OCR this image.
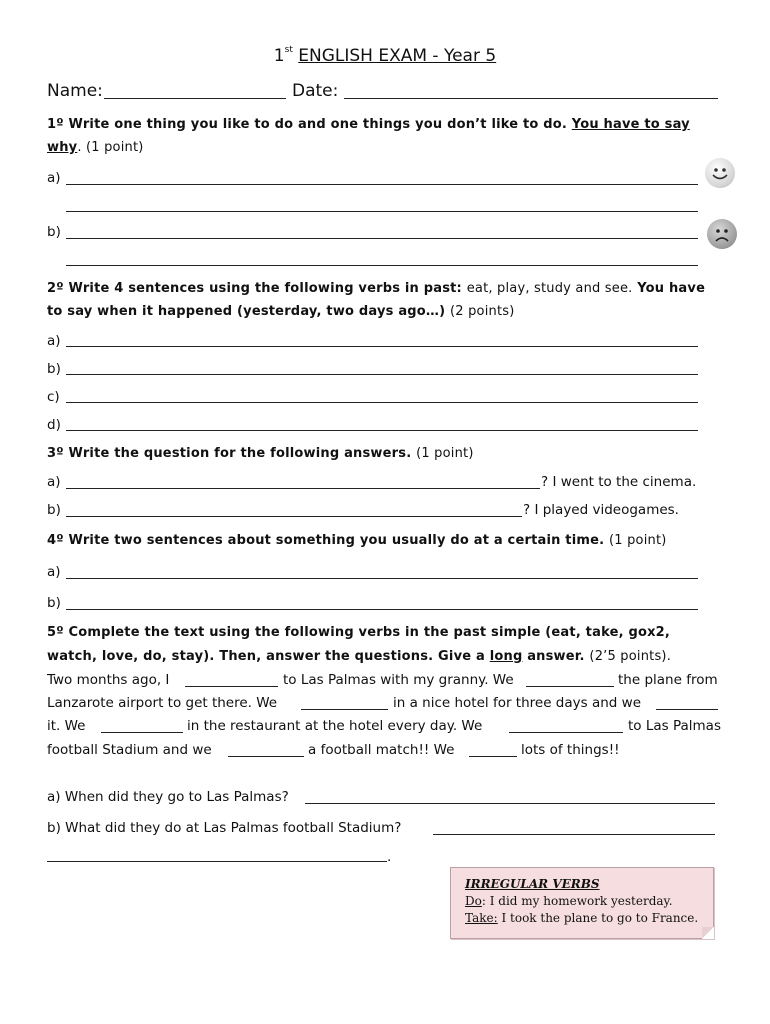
1st ENGLISH EXAM - Year 5
Name:	Date:
1º Write one thing you like to do and one things you don’t like to do. You have to say
why. (1 point)
a)
b)
2º Write 4 sentences using the following verbs in past: eat, play, study and see. You have
to say when it happened (yesterday, two days ago…) (2 points)
a)
b)
c)
d)
3º Write the question for the following answers. (1 point)
a)	? I went to the cinema.
b)	? I played videogames.
4º Write two sentences about something you usually do at a certain time. (1 point)
a)
b)
5º Complete the text using the following verbs in the past simple (eat, take, gox2,
watch, love, do, stay). Then, answer the questions. Give a long answer. (2’5 points).
Two months ago, I	to Las Palmas with my granny. We	the plane from
Lanzarote airport to get there. We	in a nice hotel for three days and we
it. We	in the restaurant at the hotel every day. We	to Las Palmas
football Stadium and we	a football match!! We	lots of things!!
a) When did they go to Las Palmas?
b) What did they do at Las Palmas football Stadium?
.
IRREGULAR VERBS
Do: I did my homework yesterday.
Take: I took the plane to go to France.
